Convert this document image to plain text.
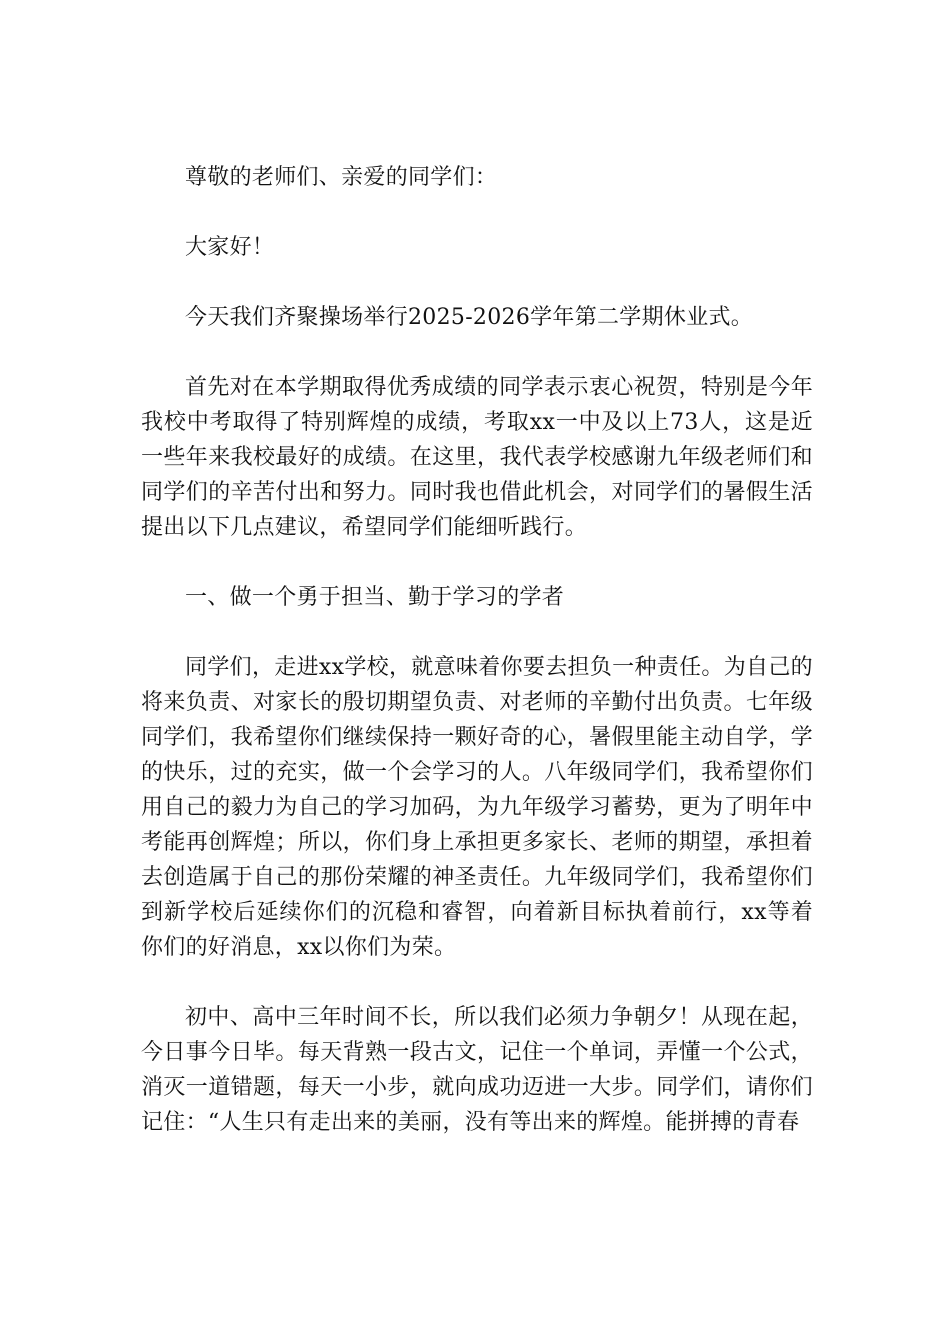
尊敬的老师们、亲爱的同学们：

大家好！

今天我们齐聚操场举行2025-2026学年第二学期休业式。

首先对在本学期取得优秀成绩的同学表示衷心祝贺，特别是今年我校中考取得了特别辉煌的成绩，考取xx一中及以上73人，这是近一些年来我校最好的成绩。在这里，我代表学校感谢九年级老师们和同学们的辛苦付出和努力。同时我也借此机会，对同学们的暑假生活提出以下几点建议，希望同学们能细听践行。

一、做一个勇于担当、勤于学习的学者

同学们，走进xx学校，就意味着你要去担负一种责任。为自己的将来负责、对家长的殷切期望负责、对老师的辛勤付出负责。七年级同学们，我希望你们继续保持一颗好奇的心，暑假里能主动自学，学的快乐，过的充实，做一个会学习的人。八年级同学们，我希望你们用自己的毅力为自己的学习加码，为九年级学习蓄势，更为了明年中考能再创辉煌；所以，你们身上承担更多家长、老师的期望，承担着去创造属于自己的那份荣耀的神圣责任。九年级同学们，我希望你们到新学校后延续你们的沉稳和睿智，向着新目标执着前行，xx等着你们的好消息，xx以你们为荣。

初中、高中三年时间不长，所以我们必须力争朝夕！从现在起，今日事今日毕。每天背熟一段古文，记住一个单词，弄懂一个公式，消灭一道错题，每天一小步，就向成功迈进一大步。同学们，请你们记住：“人生只有走出来的美丽，没有等出来的辉煌。能拼搏的青春
